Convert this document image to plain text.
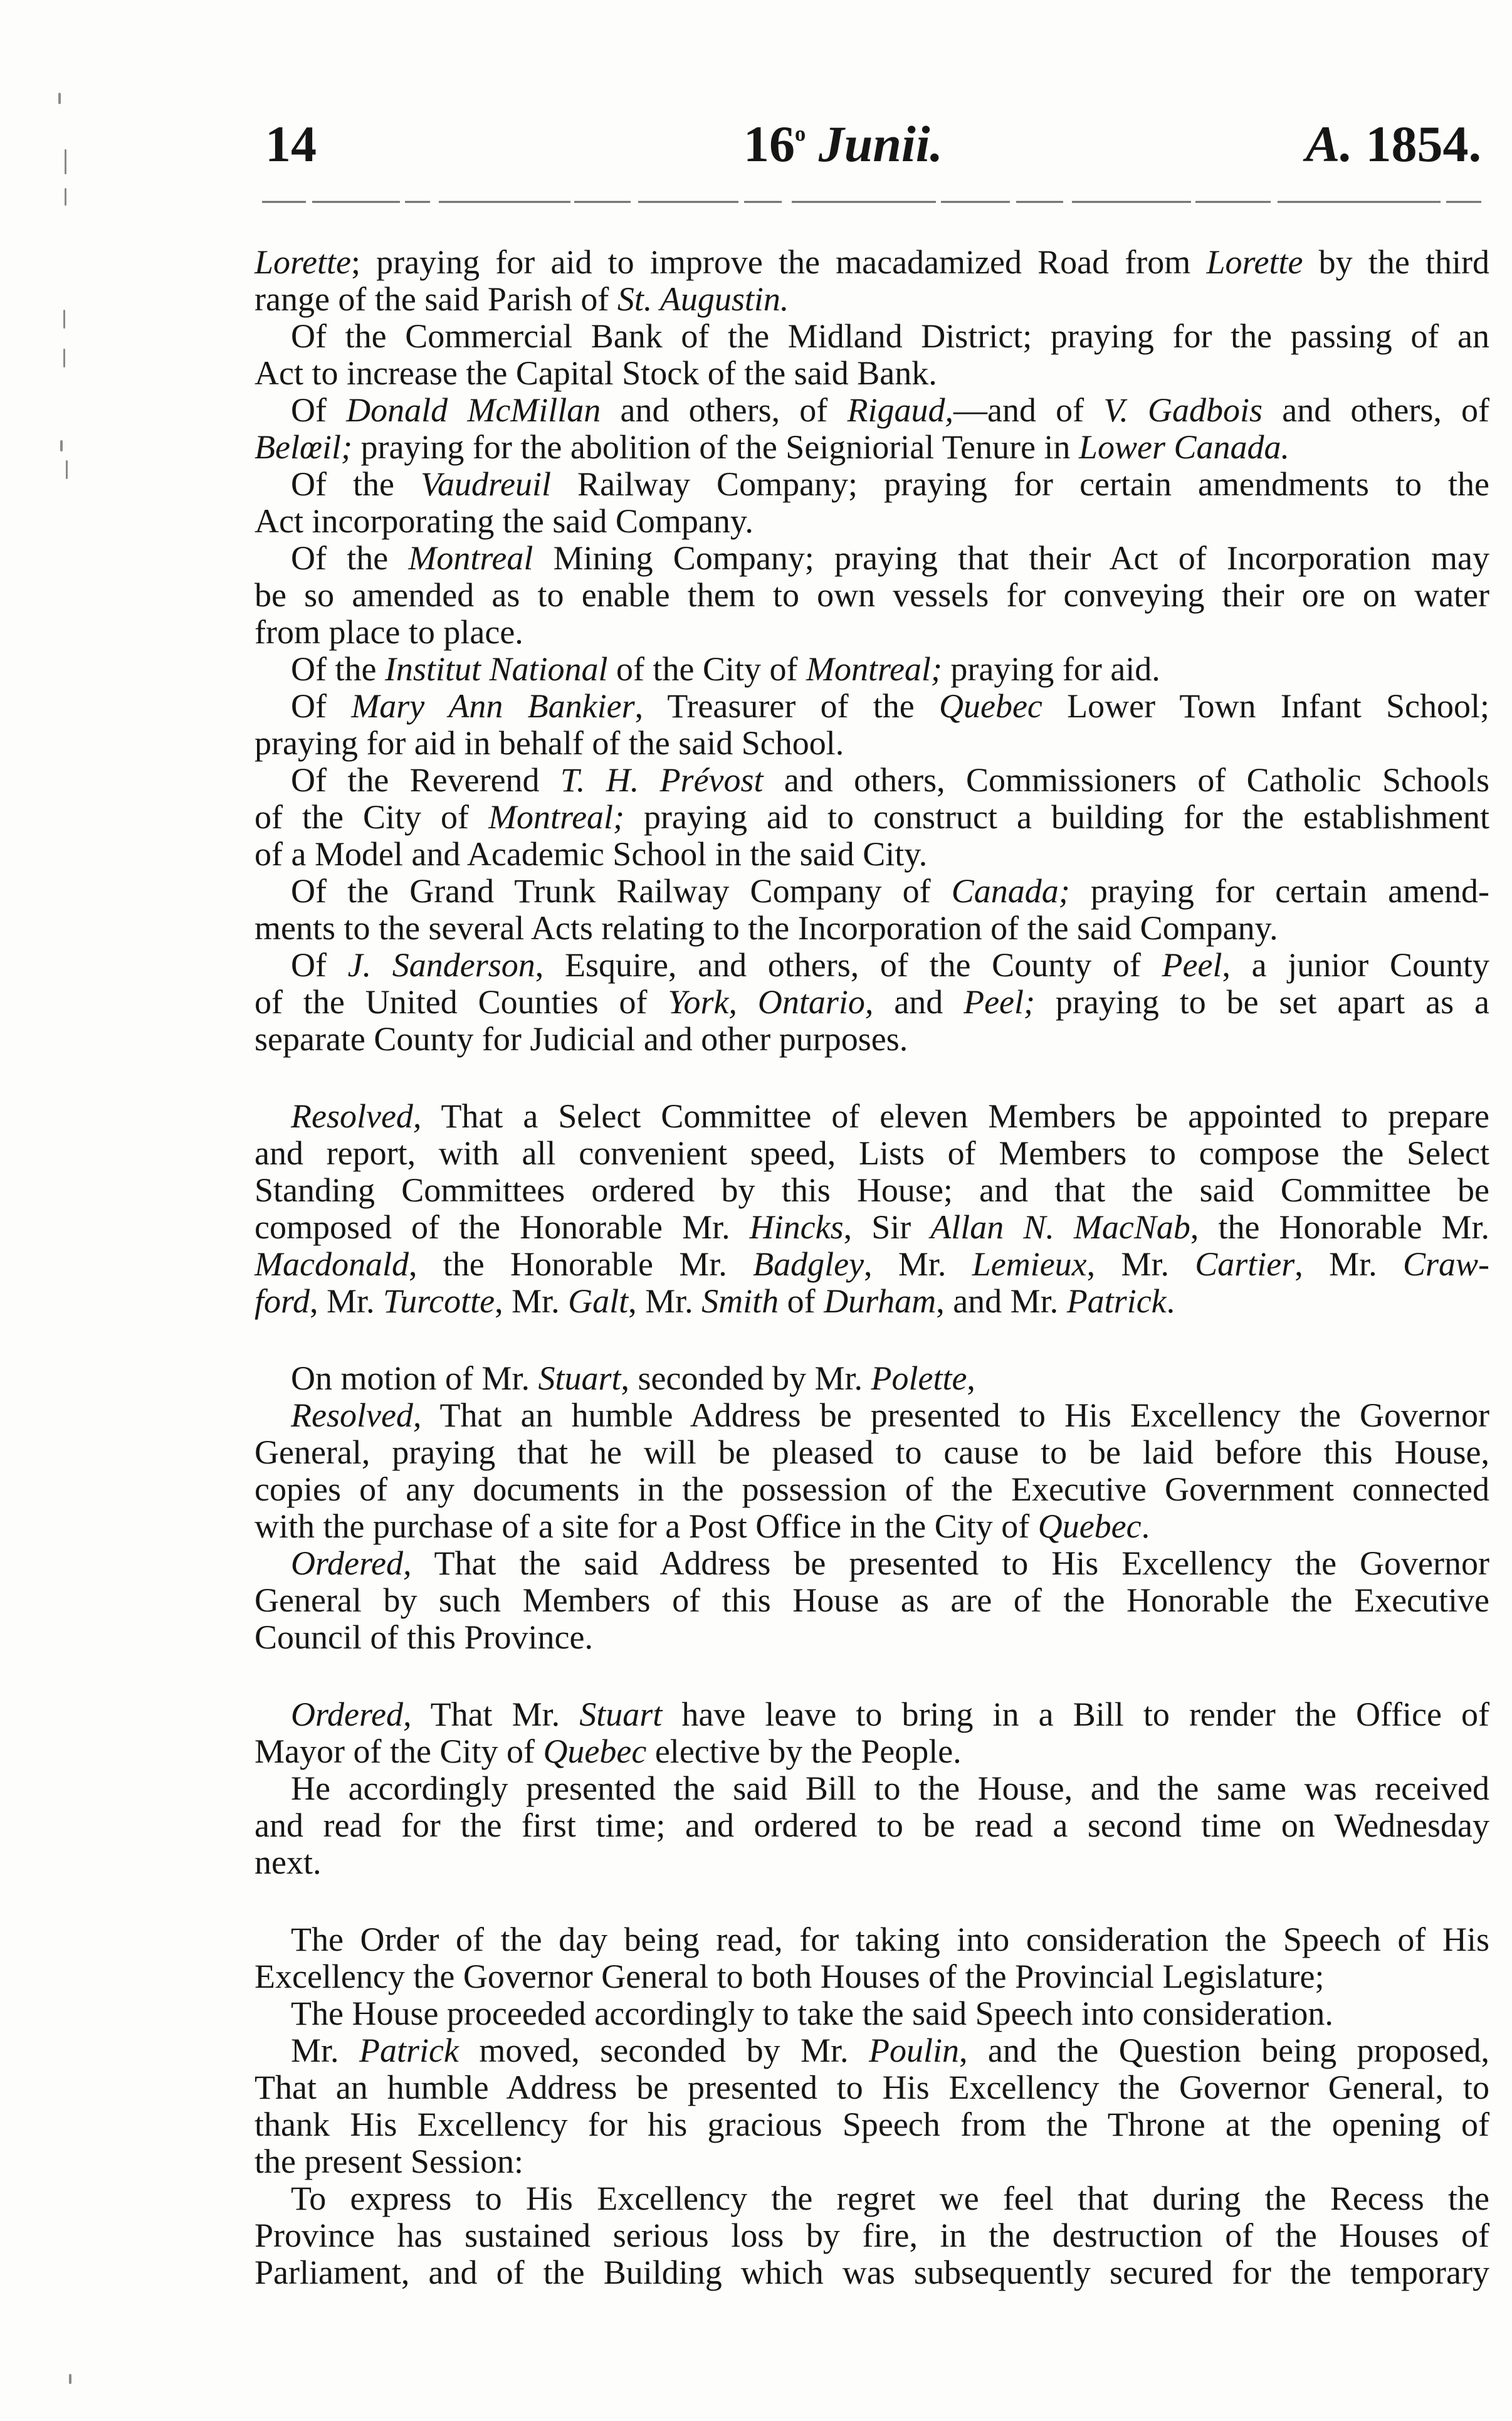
14	16$^o$ Junii.	A. 1854.
Lorette; praying for aid to improve the macadamized Road from Lorette by the third
range of the said Parish of St. Augustin.
Of the Commercial Bank of the Midland District; praying for the passing of an
Act to increase the Capital Stock of the said Bank.
Of Donald McMillan and others, of Rigaud,—and of V. Gadbois and others, of
Belœil; praying for the abolition of the Seigniorial Tenure in Lower Canada.
Of the Vaudreuil Railway Company; praying for certain amendments to the
Act incorporating the said Company.
Of the Montreal Mining Company; praying that their Act of Incorporation may
be so amended as to enable them to own vessels for conveying their ore on water
from place to place.
Of the Institut National of the City of Montreal; praying for aid.
Of Mary Ann Bankier, Treasurer of the Quebec Lower Town Infant School;
praying for aid in behalf of the said School.
Of the Reverend T. H. Prévost and others, Commissioners of Catholic Schools
of the City of Montreal; praying aid to construct a building for the establishment
of a Model and Academic School in the said City.
Of the Grand Trunk Railway Company of Canada; praying for certain amend-
ments to the several Acts relating to the Incorporation of the said Company.
Of J. Sanderson, Esquire, and others, of the County of Peel, a junior County
of the United Counties of York, Ontario, and Peel; praying to be set apart as a
separate County for Judicial and other purposes.
Resolved, That a Select Committee of eleven Members be appointed to prepare
and report, with all convenient speed, Lists of Members to compose the Select
Standing Committees ordered by this House; and that the said Committee be
composed of the Honorable Mr. Hincks, Sir Allan N. MacNab, the Honorable Mr.
Macdonald, the Honorable Mr. Badgley, Mr. Lemieux, Mr. Cartier, Mr. Craw-
ford, Mr. Turcotte, Mr. Galt, Mr. Smith of Durham, and Mr. Patrick.
On motion of Mr. Stuart, seconded by Mr. Polette,
Resolved, That an humble Address be presented to His Excellency the Governor
General, praying that he will be pleased to cause to be laid before this House,
copies of any documents in the possession of the Executive Government connected
with the purchase of a site for a Post Office in the City of Quebec.
Ordered, That the said Address be presented to His Excellency the Governor
General by such Members of this House as are of the Honorable the Executive
Council of this Province.
Ordered, That Mr. Stuart have leave to bring in a Bill to render the Office of
Mayor of the City of Quebec elective by the People.
He accordingly presented the said Bill to the House, and the same was received
and read for the first time; and ordered to be read a second time on Wednesday
next.
The Order of the day being read, for taking into consideration the Speech of His
Excellency the Governor General to both Houses of the Provincial Legislature;
The House proceeded accordingly to take the said Speech into consideration.
Mr. Patrick moved, seconded by Mr. Poulin, and the Question being proposed,
That an humble Address be presented to His Excellency the Governor General, to
thank His Excellency for his gracious Speech from the Throne at the opening of
the present Session:
To express to His Excellency the regret we feel that during the Recess the
Province has sustained serious loss by fire, in the destruction of the Houses of
Parliament, and of the Building which was subsequently secured for the temporary
